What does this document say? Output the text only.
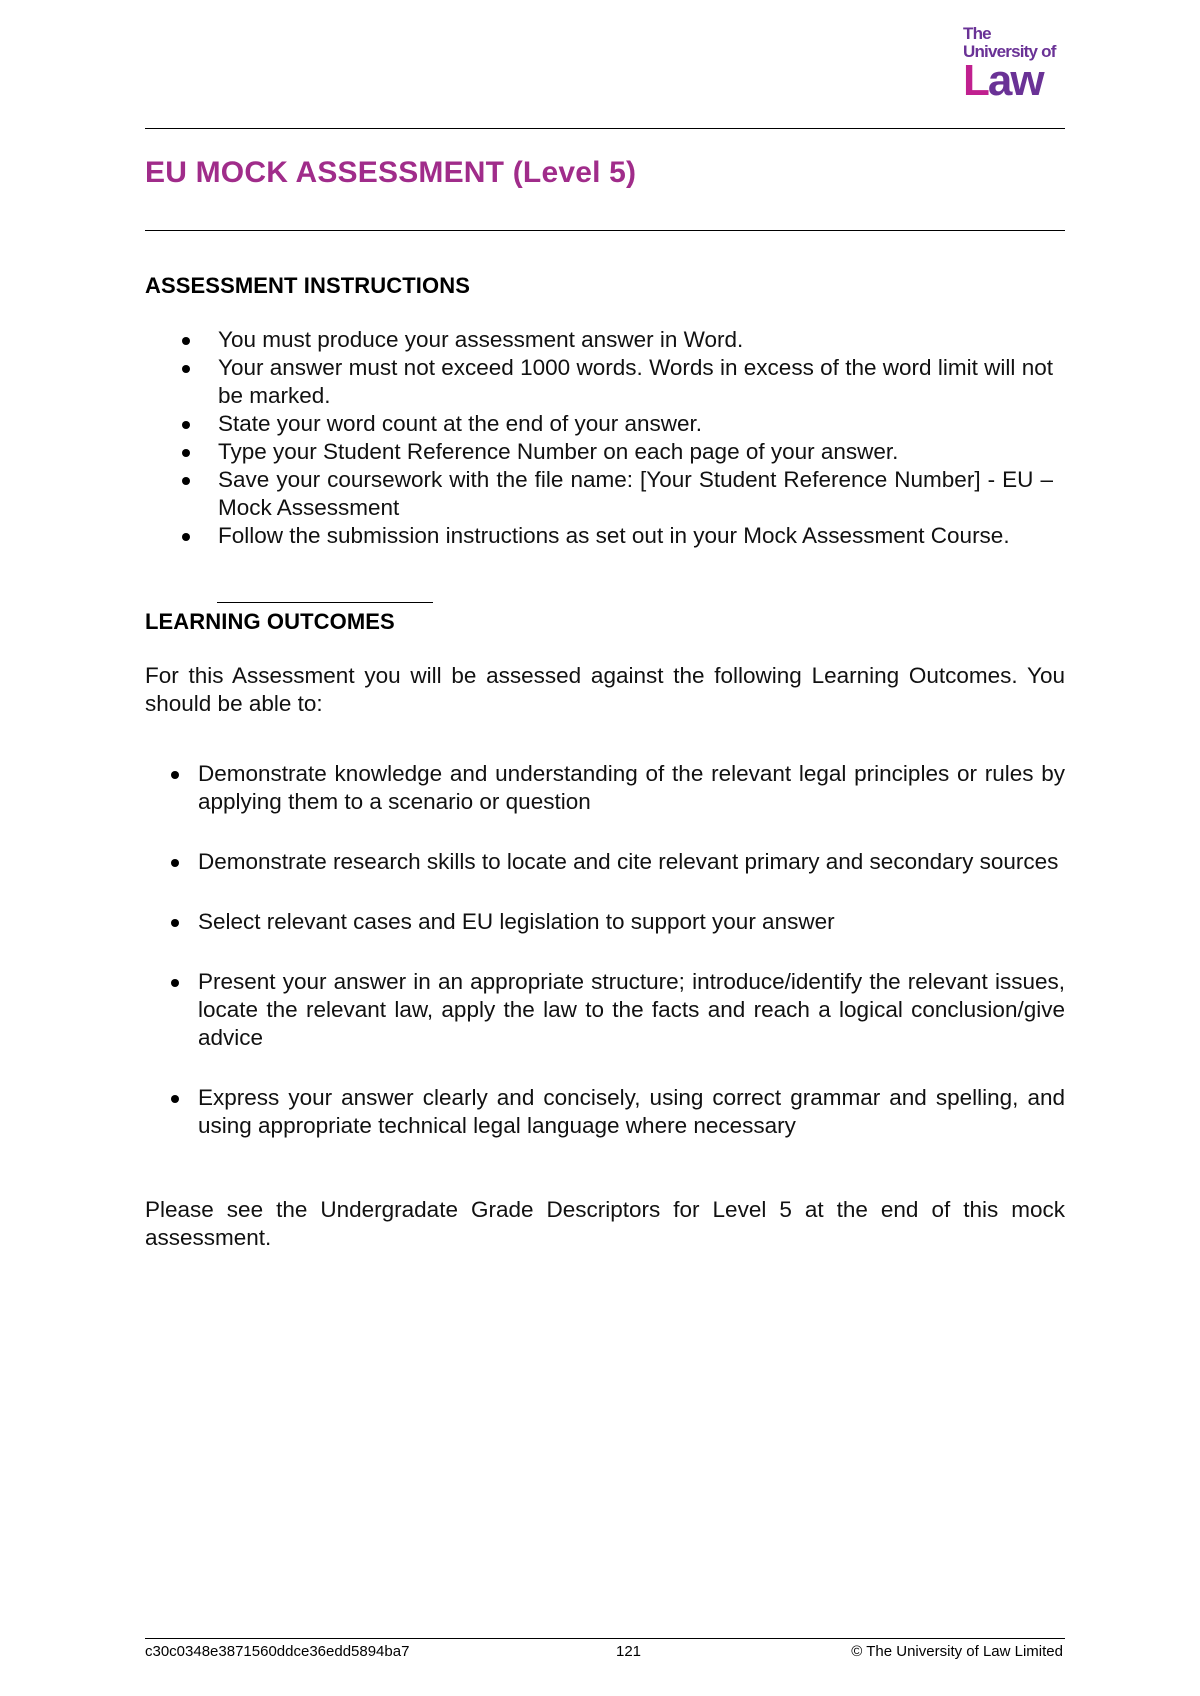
The
University of
Law
EU MOCK ASSESSMENT (Level 5)
ASSESSMENT INSTRUCTIONS
You must produce your assessment answer in Word.
Your answer must not exceed 1000 words. Words in excess of the word limit will not be marked.
State your word count at the end of your answer.
Type your Student Reference Number on each page of your answer.
Save your coursework with the file name: [Your Student Reference Number] - EU – Mock Assessment
Follow the submission instructions as set out in your Mock Assessment Course.
LEARNING OUTCOMES

For this Assessment you will be assessed against the following Learning Outcomes. You should be able to:

Demonstrate knowledge and understanding of the relevant legal principles or rules by applying them to a scenario or question
Demonstrate research skills to locate and cite relevant primary and secondary sources
Select relevant cases and EU legislation to support your answer
Present your answer in an appropriate structure; introduce/identify the relevant issues, locate the relevant law, apply the law to the facts and reach a logical conclusion/give advice
Express your answer clearly and concisely, using correct grammar and spelling, and using appropriate technical legal language where necessary

Please see the Undergradate Grade Descriptors for Level 5 at the end of this mock assessment.

c30c0348e3871560ddce36edd5894ba7	121	© The University of Law Limited
